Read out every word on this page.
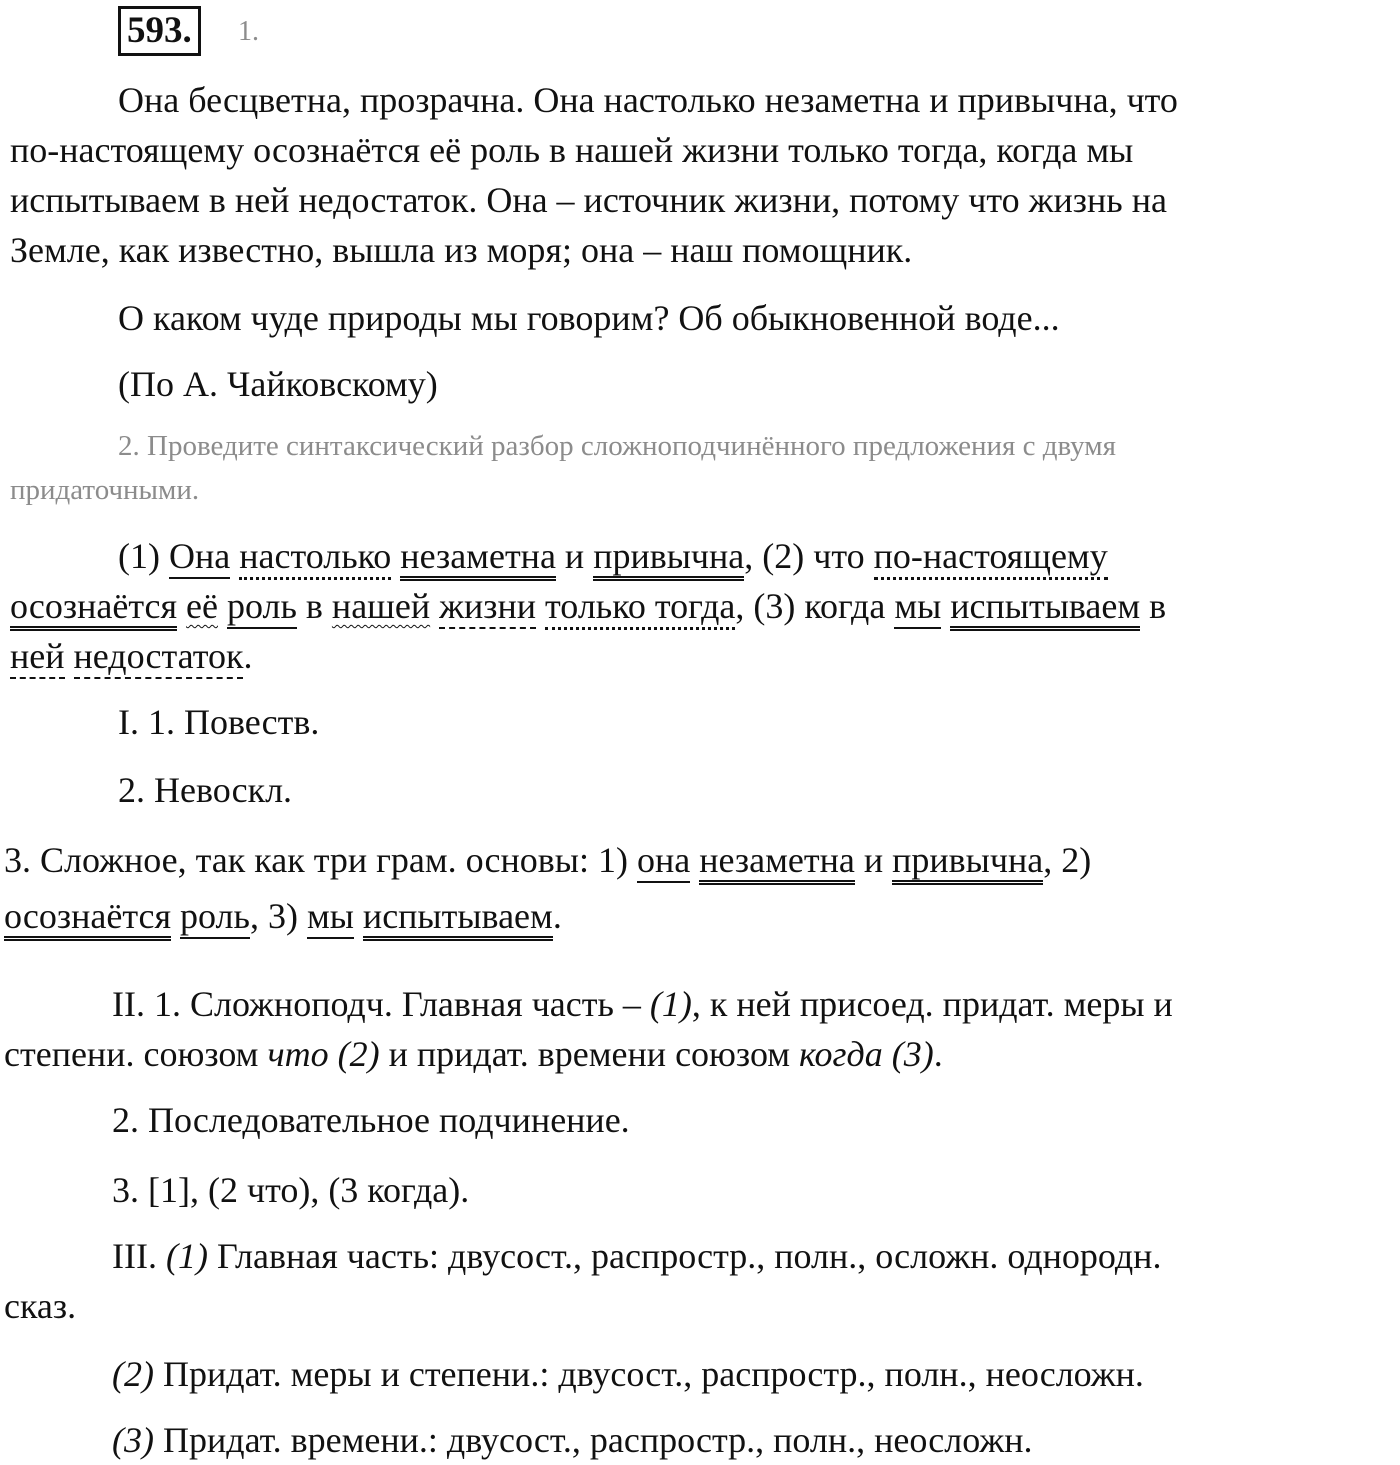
593.	1.
Она бесцветна, прозрачна. Она настолько незаметна и привычна, что
по-настоящему осознаётся её роль в нашей жизни только тогда, когда мы
испытываем в ней недостаток. Она – источник жизни, потому что жизнь на
Земле, как известно, вышла из моря; она – наш помощник.
О каком чуде природы мы говорим? Об обыкновенной воде...
(По А. Чайковскому)
2. Проведите синтаксический разбор сложноподчинённого предложения с двумя
придаточными.
(1) Она настолько незаметна и привычна, (2) что по-настоящему
осознаётся её роль в нашей жизни только тогда, (3) когда мы испытываем в
ней недостаток.
I. 1. Повеств.
2. Невоскл.
3. Сложное, так как три грам. основы: 1) она незаметна и привычна, 2)
осознаётся роль, 3) мы испытываем.
II. 1. Сложноподч. Главная часть – (1), к ней присоед. придат. меры и
степени. союзом что (2) и придат. времени союзом когда (3).
2. Последовательное подчинение.
3. [1], (2 что), (3 когда).
III. (1) Главная часть: двусост., распростр., полн., осложн. однородн.
сказ.
(2) Придат. меры и степени.: двусост., распростр., полн., неосложн.
(3) Придат. времени.: двусост., распростр., полн., неосложн.
